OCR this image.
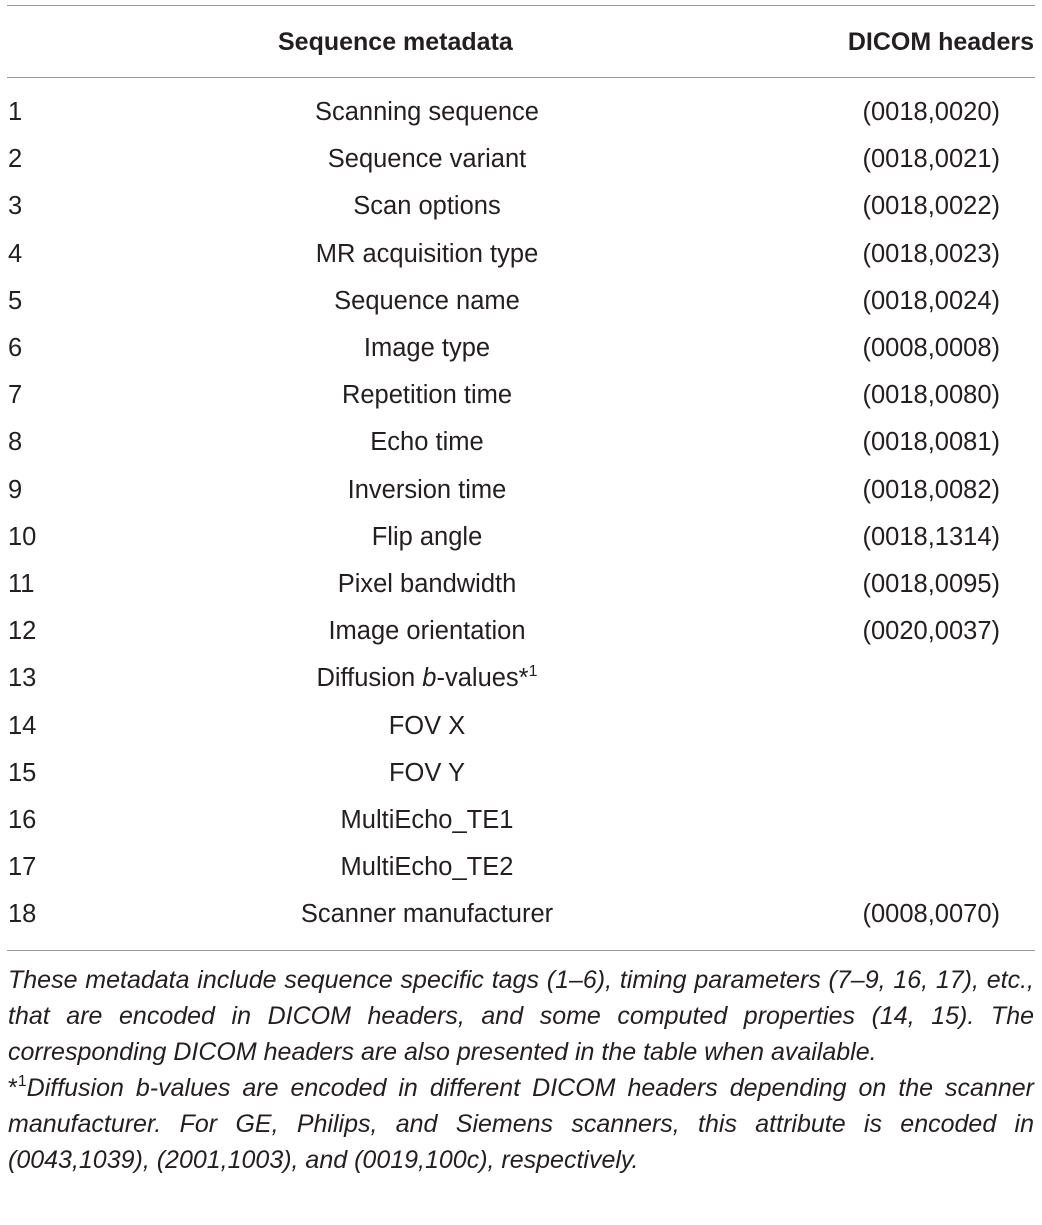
Sequence metadata	DICOM headers
1	Scanning sequence	(0018,0020)
2	Sequence variant	(0018,0021)
3	Scan options	(0018,0022)
4	MR acquisition type	(0018,0023)
5	Sequence name	(0018,0024)
6	Image type	(0008,0008)
7	Repetition time	(0018,0080)
8	Echo time	(0018,0081)
9	Inversion time	(0018,0082)
10	Flip angle	(0018,1314)
11	Pixel bandwidth	(0018,0095)
12	Image orientation	(0020,0037)
13	Diffusion b-values*$^1$
14	FOV X
15	FOV Y
16	MultiEcho_TE1
17	MultiEcho_TE2
18	Scanner manufacturer	(0008,0070)

These metadata include sequence specific tags (1–6), timing parameters (7–9, 16, 17), etc., that are encoded in DICOM headers, and some computed properties (14, 15). The corresponding DICOM headers are also presented in the table when available.

*$^1$Diffusion b-values are encoded in different DICOM headers depending on the scanner manufacturer. For GE, Philips, and Siemens scanners, this attribute is encoded in (0043,1039), (2001,1003), and (0019,100c), respectively.
